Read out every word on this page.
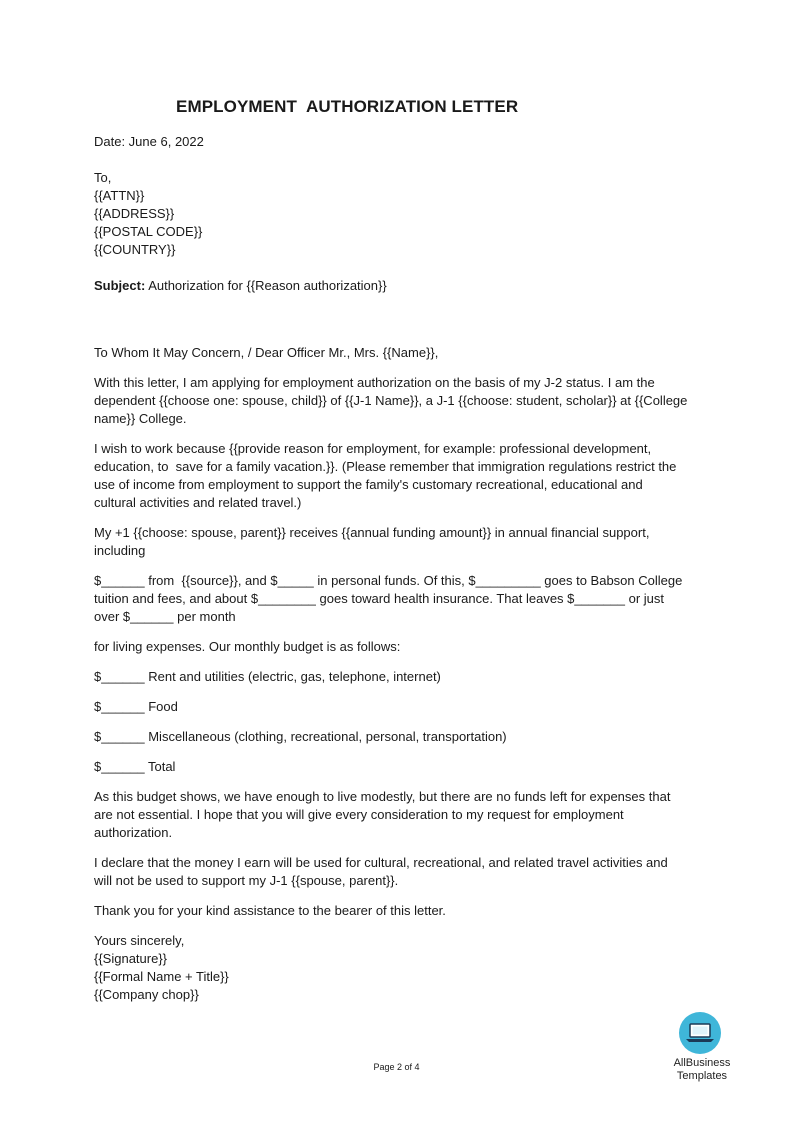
EMPLOYMENT  AUTHORIZATION LETTER
Date: June 6, 2022
To,
{{ATTN}}
{{ADDRESS}}
{{POSTAL CODE}}
{{COUNTRY}}
Subject: Authorization for {{Reason authorization}}
To Whom It May Concern, / Dear Officer Mr., Mrs. {{Name}},
With this letter, I am applying for employment authorization on the basis of my J-2 status. I am the
dependent {{choose one: spouse, child}} of {{J-1 Name}}, a J-1 {{choose: student, scholar}} at {{College
name}} College.
I wish to work because {{provide reason for employment, for example: professional development,
education, to  save for a family vacation.}}. (Please remember that immigration regulations restrict the
use of income from employment to support the family's customary recreational, educational and
cultural activities and related travel.)
My +1 {{choose: spouse, parent}} receives {{annual funding amount}} in annual financial support,
including
$______ from  {{source}}, and $_____ in personal funds. Of this, $_________ goes to Babson College
tuition and fees, and about $________ goes toward health insurance. That leaves $_______ or just
over $______ per month
for living expenses. Our monthly budget is as follows:
$______ Rent and utilities (electric, gas, telephone, internet)
$______ Food
$______ Miscellaneous (clothing, recreational, personal, transportation)
$______ Total
As this budget shows, we have enough to live modestly, but there are no funds left for expenses that
are not essential. I hope that you will give every consideration to my request for employment
authorization.
I declare that the money I earn will be used for cultural, recreational, and related travel activities and
will not be used to support my J-1 {{spouse, parent}}.
Thank you for your kind assistance to the bearer of this letter.
Yours sincerely,
{{Signature}}
{{Formal Name + Title}}
{{Company chop}}
Page 2 of 4	AllBusiness
Templates
